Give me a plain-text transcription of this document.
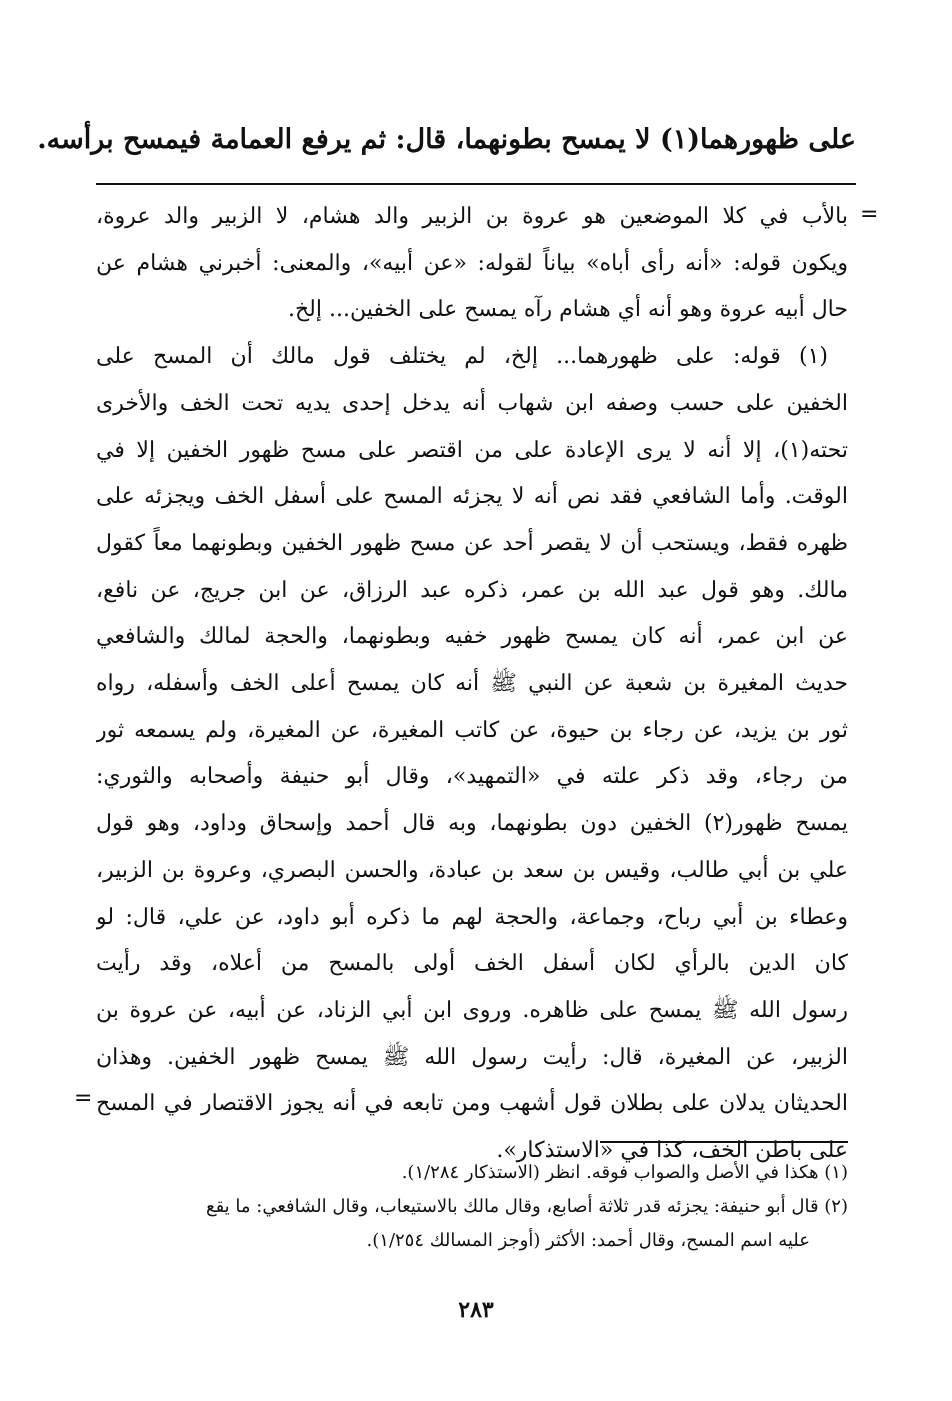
على ظهورهما(١) لا يمسح بطونهما، قال: ثم يرفع العمامة فيمسح برأسه.
=
بالأب في كلا الموضعين هو عروة بن الزبير والد هشام، لا الزبير والد عروة،
ويكون قوله: «أنه رأى أباه» بياناً لقوله: «عن أبيه»، والمعنى: أخبرني هشام عن
حال أبيه عروة وهو أنه أي هشام رآه يمسح على الخفين... إلخ.
(١) قوله: على ظهورهما... إلخ، لم يختلف قول مالك أن المسح على
الخفين على حسب وصفه ابن شهاب أنه يدخل إحدى يديه تحت الخف والأخرى
تحته(١)، إلا أنه لا يرى الإعادة على من اقتصر على مسح ظهور الخفين إلا في
الوقت. وأما الشافعي فقد نص أنه لا يجزئه المسح على أسفل الخف ويجزئه على
ظهره فقط، ويستحب أن لا يقصر أحد عن مسح ظهور الخفين وبطونهما معاً كقول
مالك. وهو قول عبد الله بن عمر، ذكره عبد الرزاق، عن ابن جريج، عن نافع،
عن ابن عمر، أنه كان يمسح ظهور خفيه وبطونهما، والحجة لمالك والشافعي
حديث المغيرة بن شعبة عن النبي ﷺ أنه كان يمسح أعلى الخف وأسفله، رواه
ثور بن يزيد، عن رجاء بن حيوة، عن كاتب المغيرة، عن المغيرة، ولم يسمعه ثور
من رجاء، وقد ذكر علته في «التمهيد»، وقال أبو حنيفة وأصحابه والثوري:
يمسح ظهور(٢) الخفين دون بطونهما، وبه قال أحمد وإسحاق وداود، وهو قول
علي بن أبي طالب، وقيس بن سعد بن عبادة، والحسن البصري، وعروة بن الزبير،
وعطاء بن أبي رباح، وجماعة، والحجة لهم ما ذكره أبو داود، عن علي، قال: لو
كان الدين بالرأي لكان أسفل الخف أولى بالمسح من أعلاه، وقد رأيت
رسول الله ﷺ يمسح على ظاهره. وروى ابن أبي الزناد، عن أبيه، عن عروة بن
الزبير، عن المغيرة، قال: رأيت رسول الله ﷺ يمسح ظهور الخفين. وهذان
الحديثان يدلان على بطلان قول أشهب ومن تابعه في أنه يجوز الاقتصار في المسح
على باطن الخف، كذا في «الاستذكار».
=
(١) هكذا في الأصل والصواب فوقه. انظر (الاستذكار ١/٢٨٤).
(٢) قال أبو حنيفة: يجزئه قدر ثلاثة أصابع، وقال مالك بالاستيعاب، وقال الشافعي: ما يقع
عليه اسم المسح، وقال أحمد: الأكثر (أوجز المسالك ١/٢٥٤).
٢٨٣
